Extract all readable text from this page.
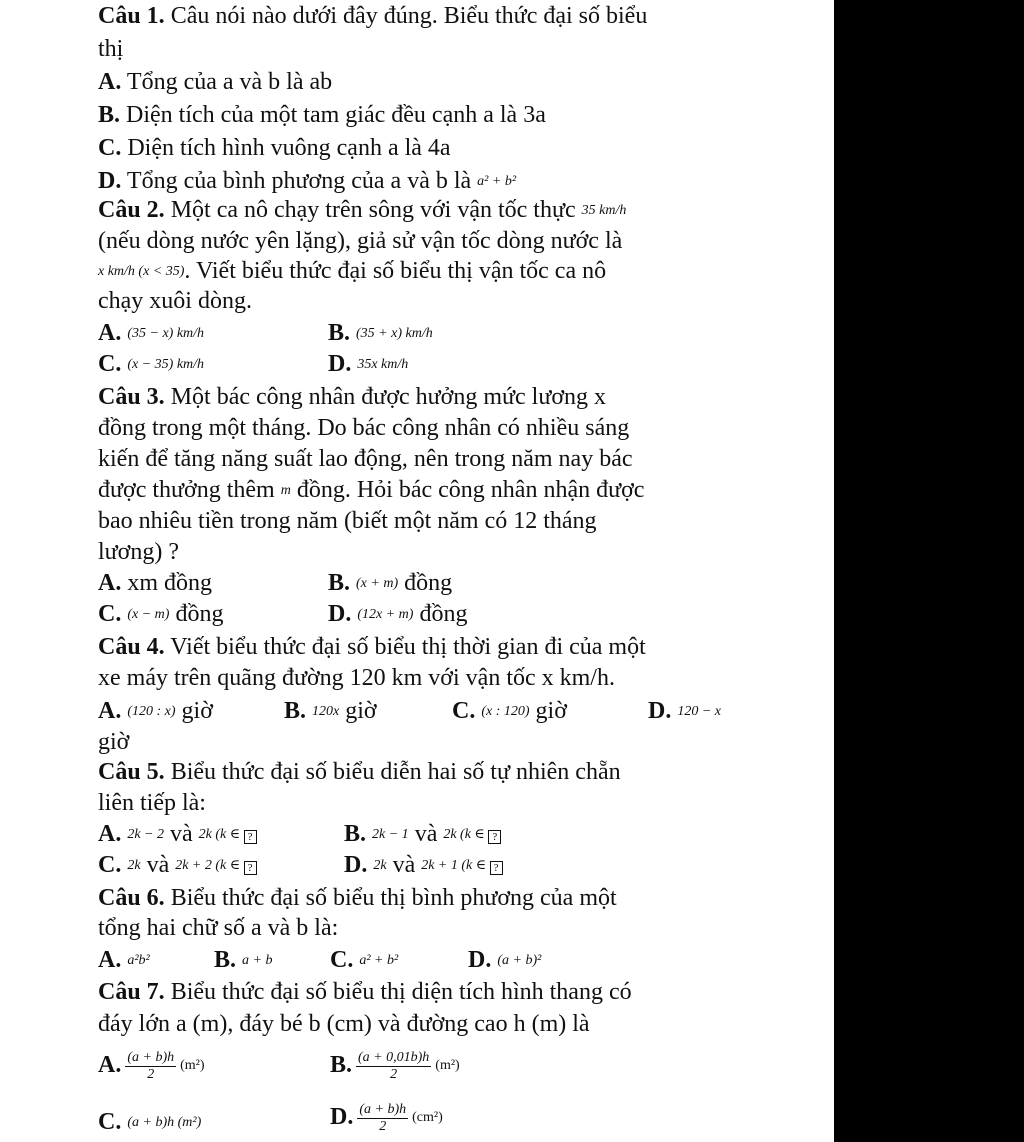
Câu 1. Câu nói nào dưới đây đúng. Biểu thức đại số biểu
thị
A. Tổng của a và b là ab
B. Diện tích của một tam giác đều cạnh a là 3a
C. Diện tích hình vuông cạnh a là 4a
D. Tổng của bình phương của a và b là a² + b²
Câu 2. Một ca nô chạy trên sông với vận tốc thực 35 km/h
(nếu dòng nước yên lặng), giả sử vận tốc dòng nước là
x km/h (x < 35). Viết biểu thức đại số biểu thị vận tốc ca nô
chạy xuôi dòng.
A. (35 − x) km/h	B. (35 + x) km/h
C. (x − 35) km/h	D. 35x km/h
Câu 3. Một bác công nhân được hưởng mức lương x
đồng trong một tháng. Do bác công nhân có nhiều sáng
kiến để tăng năng suất lao động, nên trong năm nay bác
được thưởng thêm m đồng. Hỏi bác công nhân nhận được
bao nhiêu tiền trong năm (biết một năm có 12 tháng
lương) ?
A. xm đồng	B. (x + m) đồng
C. (x − m) đồng	D. (12x + m) đồng
Câu 4. Viết biểu thức đại số biểu thị thời gian đi của một
xe máy trên quãng đường 120 km với vận tốc x km/h.
A. (120 : x) giờ	B. 120x giờ	C. (x : 120) giờ	D. 120 − x
giờ
Câu 5. Biểu thức đại số biểu diễn hai số tự nhiên chẵn
liên tiếp là:
A. 2k − 2 và 2k (k ∈ ?	B. 2k − 1 và 2k (k ∈ ?
C. 2k và 2k + 2 (k ∈ ?	D. 2k và 2k + 1 (k ∈ ?
Câu 6. Biểu thức đại số biểu thị bình phương của một
tổng hai chữ số a và b là:
A. a²b²	B. a + b C. a² + b²	D. (a + b)²
Câu 7. Biểu thức đại số biểu thị diện tích hình thang có
đáy lớn a (m), đáy bé b (cm) và đường cao h (m) là
A. $\frac{(a + b)h}{2} (m^2)$	B. $\frac{(a + 0,01b)h}{2} (m^2)$
C. (a + b)h (m²)	D. $\frac{(a + b)h}{2} (cm^2)$
